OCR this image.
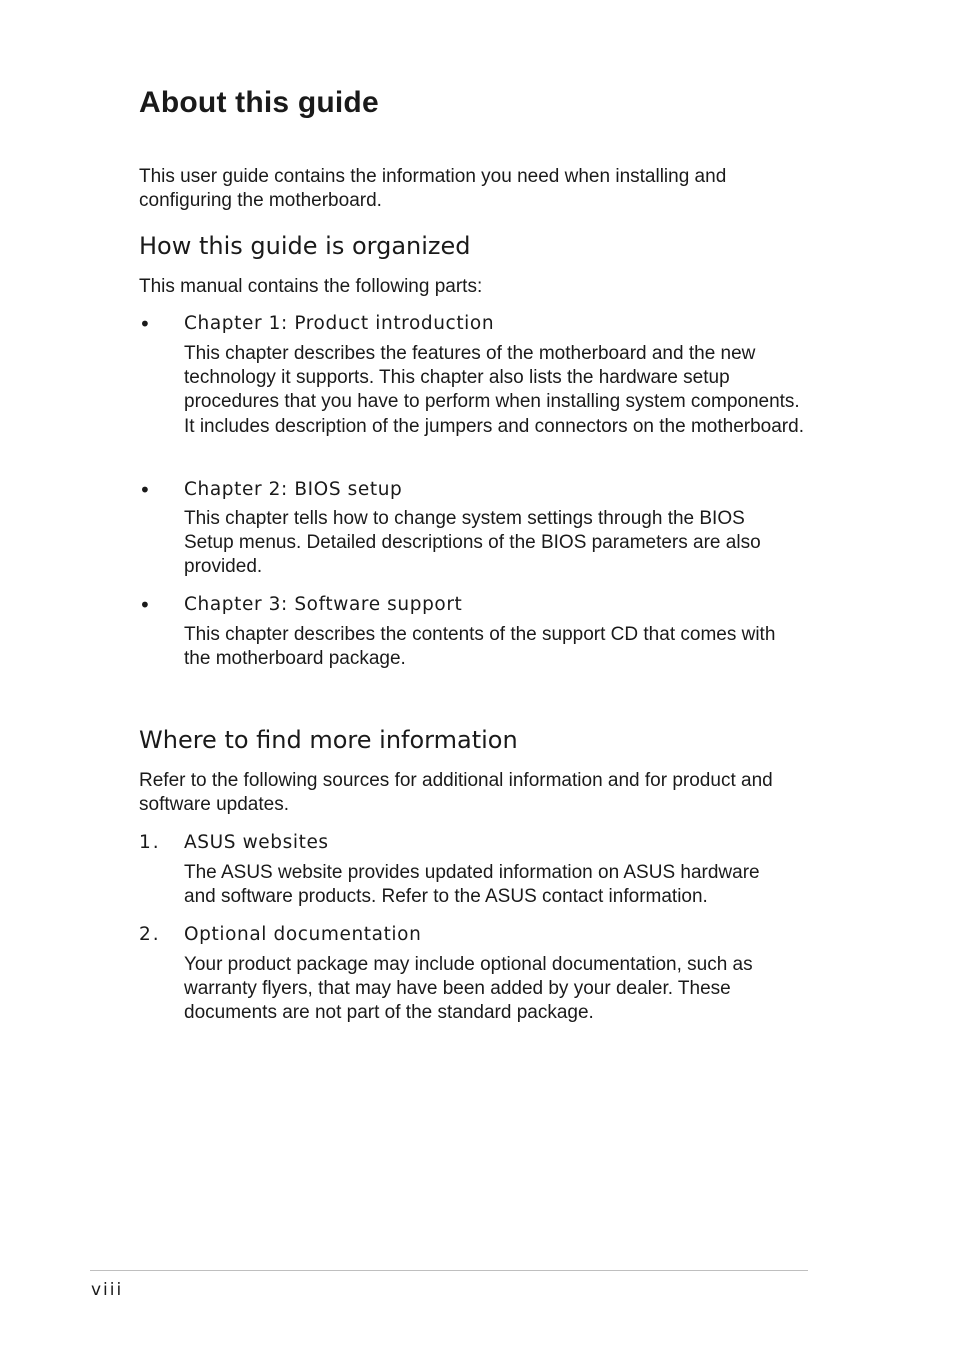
About this guide
This user guide contains the information you need when installing and configuring the motherboard.
How this guide is organized
This manual contains the following parts:
• Chapter 1: Product introduction
This chapter describes the features of the motherboard and the new technology it supports. This chapter also lists the hardware setup procedures that you have to perform when installing system components. It includes description of the jumpers and connectors on the motherboard.
• Chapter 2: BIOS setup
This chapter tells how to change system settings through the BIOS Setup menus. Detailed descriptions of the BIOS parameters are also provided.
• Chapter 3: Software support
This chapter describes the contents of the support CD that comes with the motherboard package.
Where to find more information
Refer to the following sources for additional information and for product and software updates.
1. ASUS websites
The ASUS website provides updated information on ASUS hardware and software products. Refer to the ASUS contact information.
2. Optional documentation
Your product package may include optional documentation, such as warranty flyers, that may have been added by your dealer. These documents are not part of the standard package.
viii
